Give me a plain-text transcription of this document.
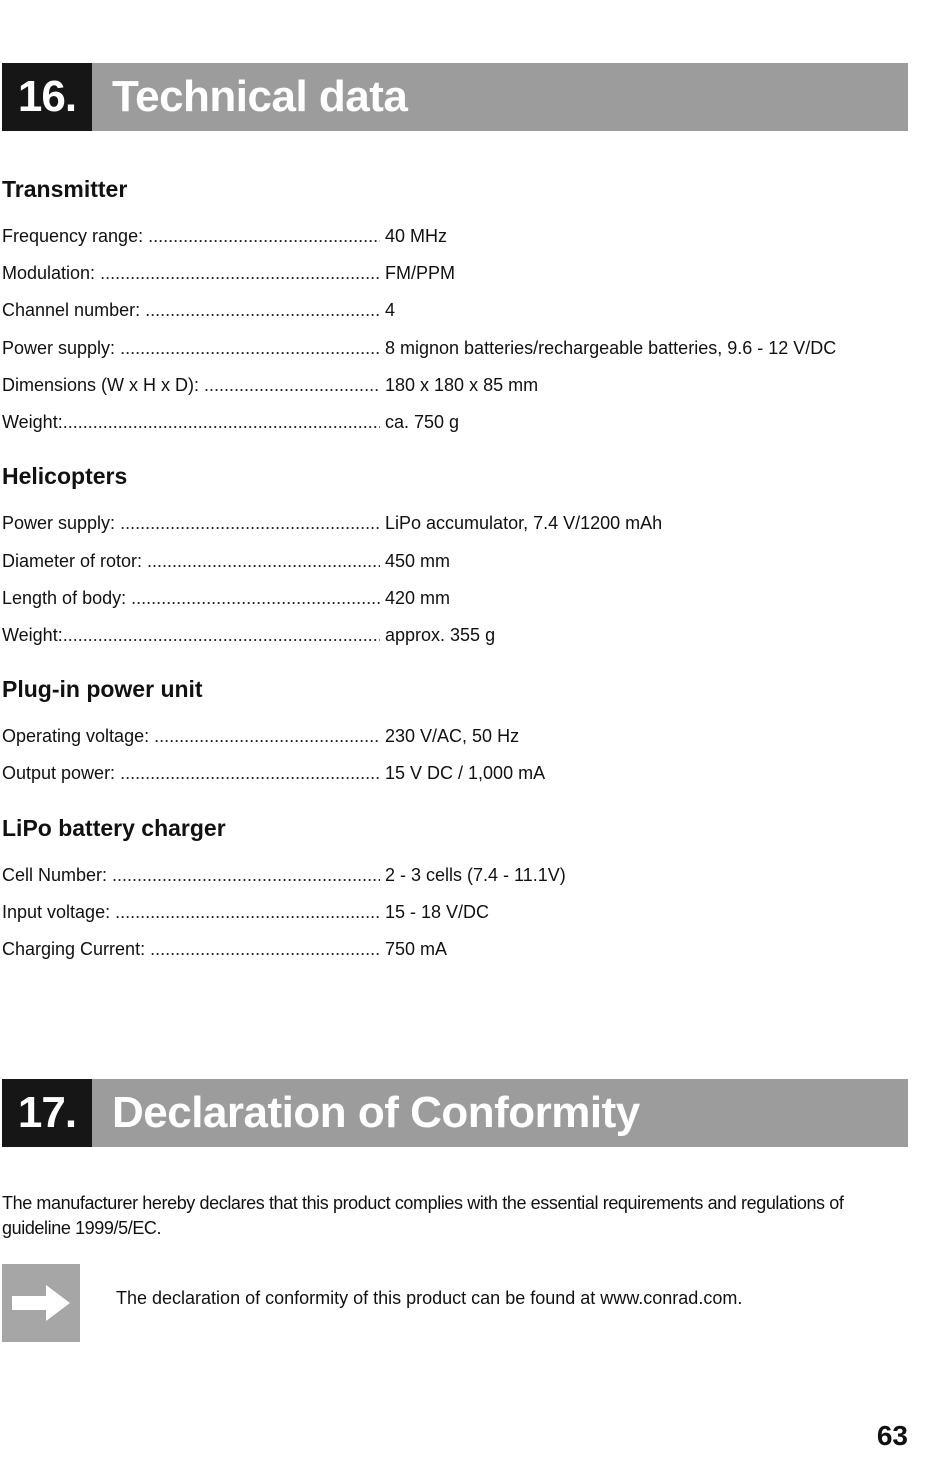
16. Technical data
Transmitter
Frequency range: .....	40 MHz
Modulation: .....	FM/PPM
Channel number: .....	4
Power supply: .....	8 mignon batteries/rechargeable batteries, 9.6 - 12 V/DC
Dimensions (W x H x D): .....	180 x 180 x 85 mm
Weight: .....	ca. 750 g
Helicopters
Power supply: .....	LiPo accumulator, 7.4 V/1200 mAh
Diameter of rotor: .....	450 mm
Length of body: .....	420 mm
Weight: .....	approx. 355 g
Plug-in power unit
Operating voltage: .....	230 V/AC, 50 Hz
Output power: .....	15 V DC / 1,000 mA
LiPo battery charger
Cell Number: .....	2 - 3 cells (7.4 - 11.1V)
Input voltage: .....	15 - 18 V/DC
Charging Current: .....	750 mA
17. Declaration of Conformity
The manufacturer hereby declares that this product complies with the essential requirements and regulations of guideline 1999/5/EC.
The declaration of conformity of this product can be found at www.conrad.com.
63
